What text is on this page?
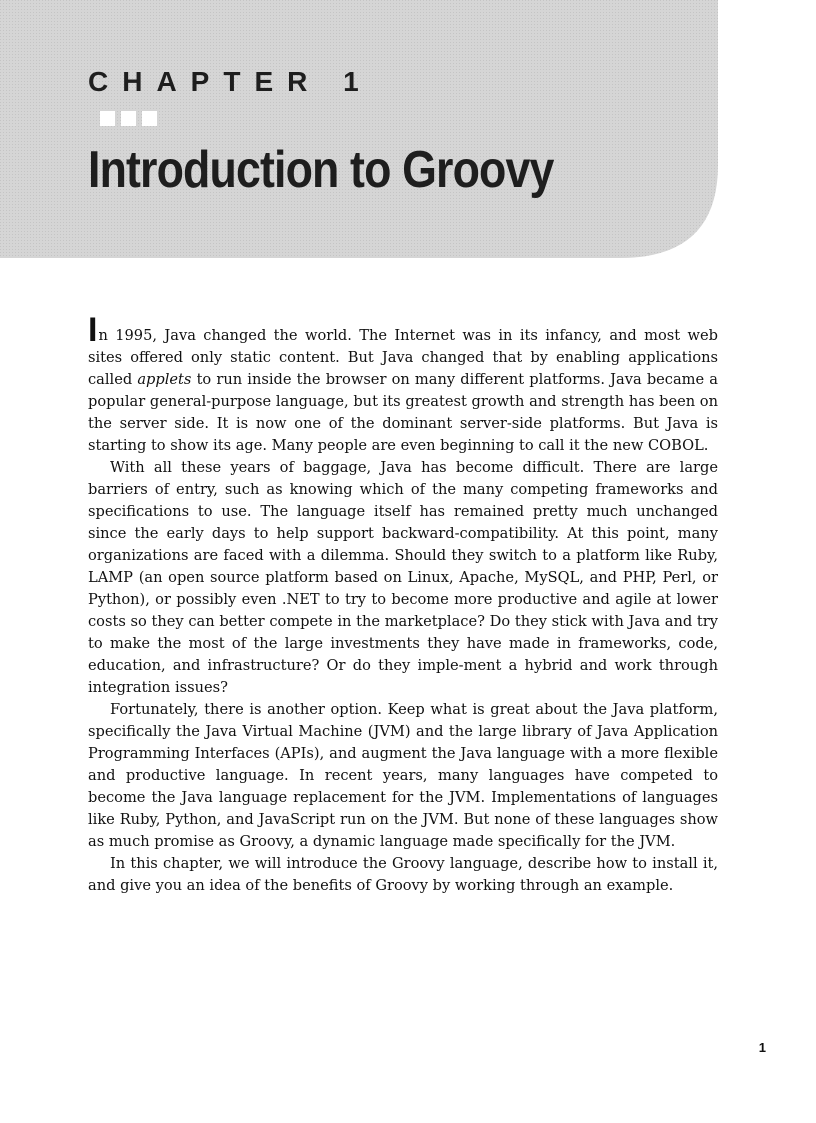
CHAPTER 1
Introduction to Groovy

In 1995, Java changed the world. The Internet was in its infancy, and most web sites offered only static content. But Java changed that by enabling applications called applets to run inside the browser on many different platforms. Java became a popular general-purpose language, but its greatest growth and strength has been on the server side. It is now one of the dominant server-side platforms. But Java is starting to show its age. Many people are even beginning to call it the new COBOL.

With all these years of baggage, Java has become difficult. There are large barriers of entry, such as knowing which of the many competing frameworks and specifications to use. The language itself has remained pretty much unchanged since the early days to help support backward-compatibility. At this point, many organizations are faced with a dilemma. Should they switch to a platform like Ruby, LAMP (an open source platform based on Linux, Apache, MySQL, and PHP, Perl, or Python), or possibly even .NET to try to become more productive and agile at lower costs so they can better compete in the marketplace? Do they stick with Java and try to make the most of the large investments they have made in frameworks, code, education, and infrastructure? Or do they imple-ment a hybrid and work through integration issues?

Fortunately, there is another option. Keep what is great about the Java platform, specifically the Java Virtual Machine (JVM) and the large library of Java Application Programming Interfaces (APIs), and augment the Java language with a more flexible and productive language. In recent years, many languages have competed to become the Java language replacement for the JVM. Implementations of languages like Ruby, Python, and JavaScript run on the JVM. But none of these languages show as much promise as Groovy, a dynamic language made specifically for the JVM.

In this chapter, we will introduce the Groovy language, describe how to install it, and give you an idea of the benefits of Groovy by working through an example.

1
